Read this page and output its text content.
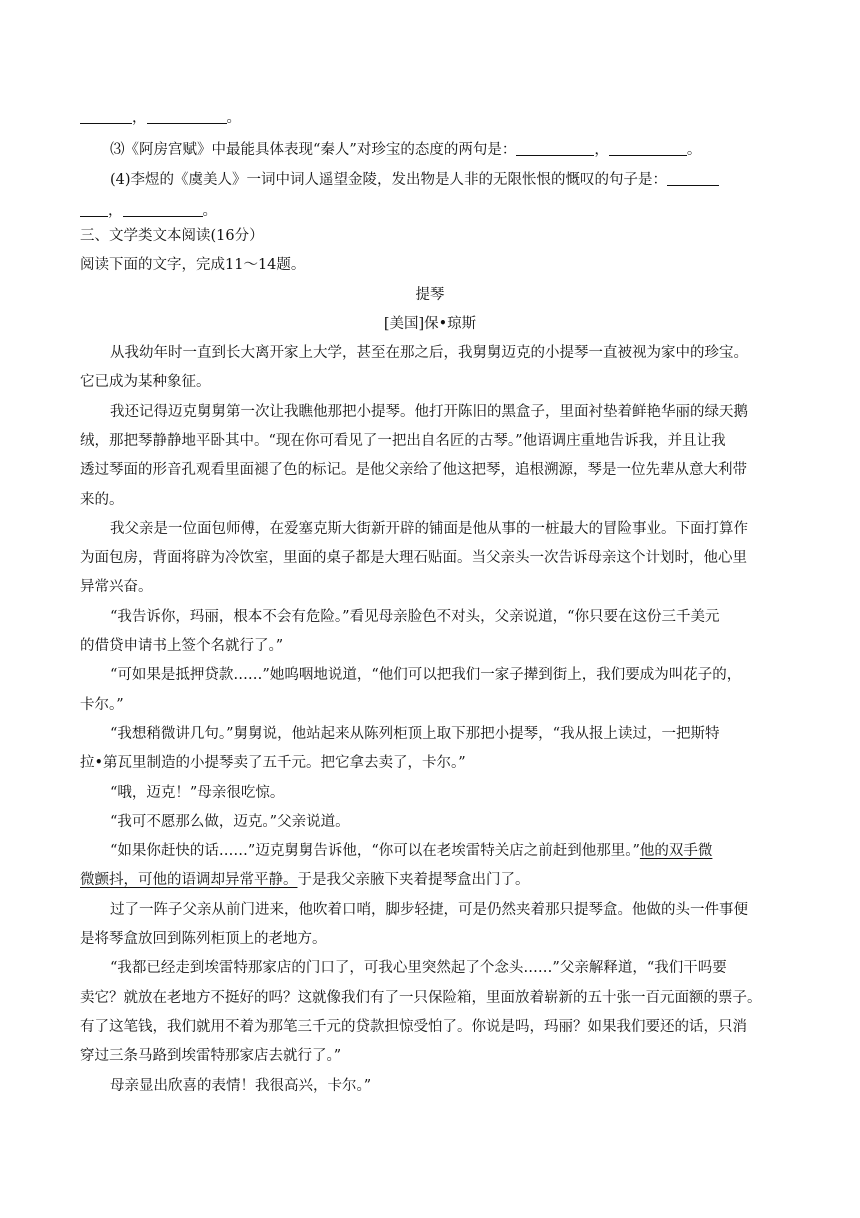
，	。
⑶《阿房宫赋》中最能具体表现“秦人”对珍宝的态度的两句是：	，	。
(4)李煜的《虞美人》一词中词人遥望金陵，发出物是人非的无限怅恨的慨叹的句子是：
，	。
三、文学类文本阅读(16分）
阅读下面的文字，完成11～14题。
提琴
[美国]保•琼斯
从我幼年时一直到长大离开家上大学，甚至在那之后，我舅舅迈克的小提琴一直被视为家中的珍宝。
它已成为某种象征。
我还记得迈克舅舅第一次让我瞧他那把小提琴。他打开陈旧的黑盒子，里面衬垫着鲜艳华丽的绿天鹅
绒，那把琴静静地平卧其中。“现在你可看见了一把出自名匠的古琴。”他语调庄重地告诉我，并且让我
透过琴面的形音孔观看里面褪了色的标记。是他父亲给了他这把琴，追根溯源，琴是一位先辈从意大利带
来的。
我父亲是一位面包师傅，在爱塞克斯大街新开辟的铺面是他从事的一桩最大的冒险事业。下面打算作
为面包房，背面将辟为冷饮室，里面的桌子都是大理石贴面。当父亲头一次告诉母亲这个计划时，他心里
异常兴奋。
“我告诉你，玛丽，根本不会有危险。”看见母亲脸色不对头，父亲说道，“你只要在这份三千美元
的借贷申请书上签个名就行了。”
“可如果是抵押贷款……”她呜咽地说道，“他们可以把我们一家子撵到街上，我们要成为叫花子的，
卡尔。”
“我想稍微讲几句。”舅舅说，他站起来从陈列柜顶上取下那把小提琴，“我从报上读过，一把斯特
拉•第瓦里制造的小提琴卖了五千元。把它拿去卖了，卡尔。”
“哦，迈克！”母亲很吃惊。
“我可不愿那么做，迈克。”父亲说道。
“如果你赶快的话……”迈克舅舅告诉他，“你可以在老埃雷特关店之前赶到他那里。”他的双手微
微颤抖，可他的语调却异常平静。于是我父亲腋下夹着提琴盒出门了。
过了一阵子父亲从前门进来，他吹着口哨，脚步轻捷，可是仍然夹着那只提琴盒。他做的头一件事便
是将琴盒放回到陈列柜顶上的老地方。
“我都已经走到埃雷特那家店的门口了，可我心里突然起了个念头……”父亲解释道，“我们干吗要
卖它？就放在老地方不挺好的吗？这就像我们有了一只保险箱，里面放着崭新的五十张一百元面额的票子。
有了这笔钱，我们就用不着为那笔三千元的贷款担惊受怕了。你说是吗，玛丽？如果我们要还的话，只消
穿过三条马路到埃雷特那家店去就行了。”
母亲显出欣喜的表情！我很高兴，卡尔。”
